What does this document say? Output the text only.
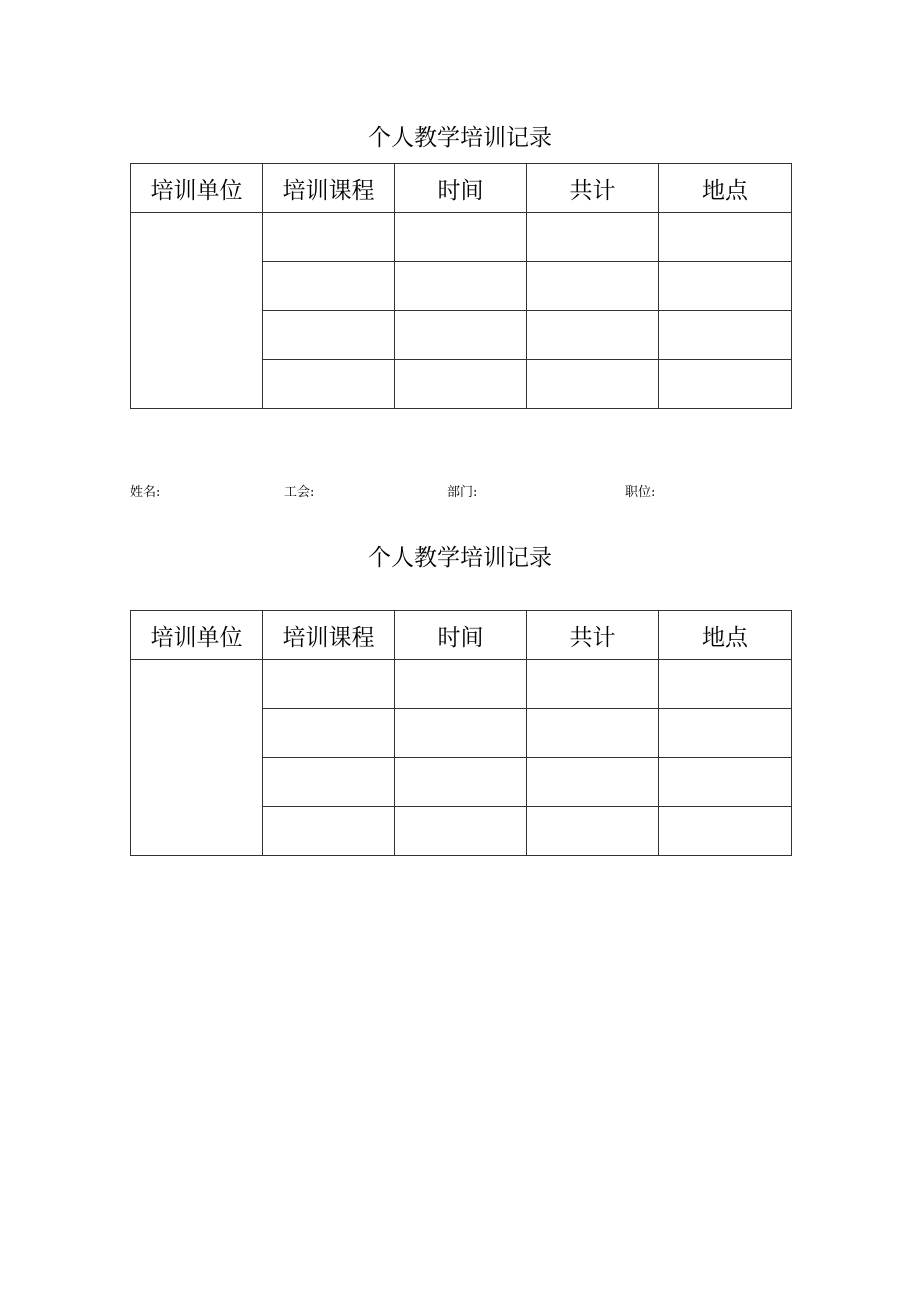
个人教学培训记录
培训单位	培训课程	时间	共计	地点

姓名:	工会:	部门:	职位:
个人教学培训记录
培训单位	培训课程	时间	共计	地点
